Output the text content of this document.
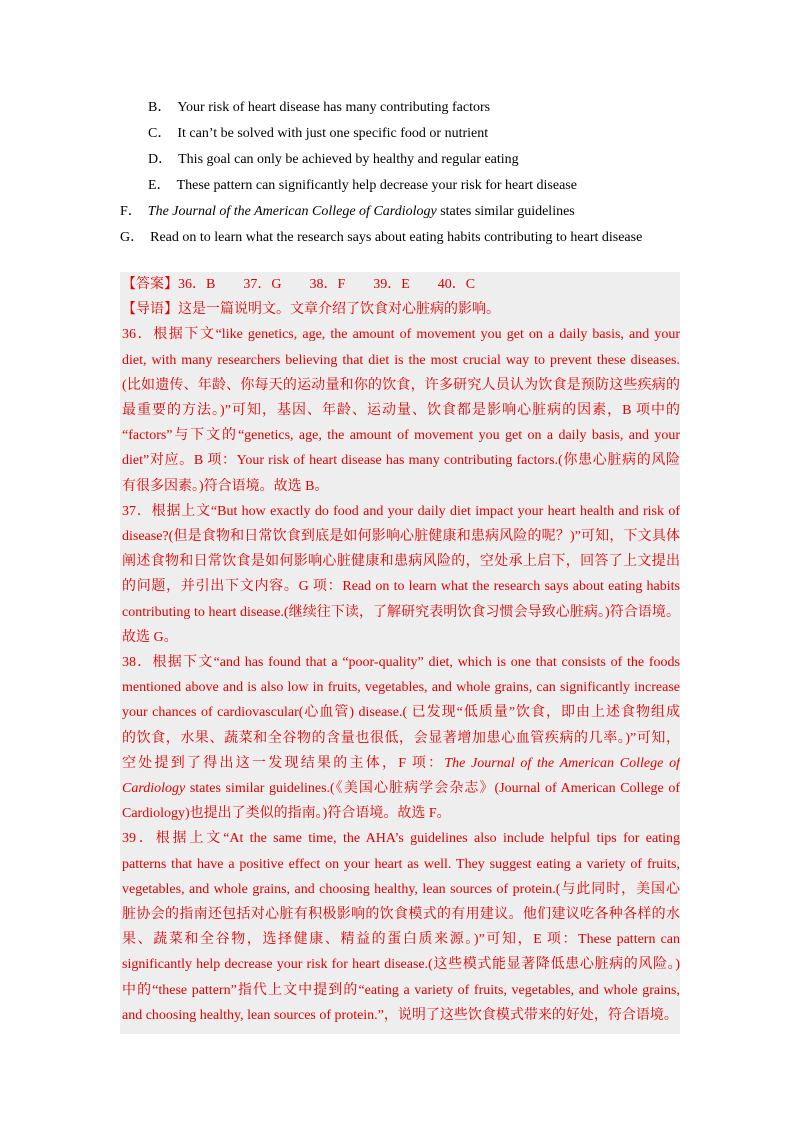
B． Your risk of heart disease has many contributing factors
C． It can’t be solved with just one specific food or nutrient
D． This goal can only be achieved by healthy and regular eating
E． These pattern can significantly help decrease your risk for heart disease
F． The Journal of the American College of Cardiology states similar guidelines
G． Read on to learn what the research says about eating habits contributing to heart disease
【答案】36．B　　37．G　　38．F　　39．E　　40．C
【导语】这是一篇说明文。文章介绍了饮食对心脏病的影响。
36．根据下文“like genetics, age, the amount of movement you get on a daily basis, and your
diet, with many researchers believing that diet is the most crucial way to prevent these diseases.
(比如遗传、年龄、你每天的运动量和你的饮食，许多研究人员认为饮食是预防这些疾病的
最重要的方法。)”可知，基因、年龄、运动量、饮食都是影响心脏病的因素，B 项中的
“factors”与下文的“genetics, age, the amount of movement you get on a daily basis, and your
diet”对应。B 项：Your risk of heart disease has many contributing factors.(你患心脏病的风险
有很多因素。)符合语境。故选 B。
37．根据上文“But how exactly do food and your daily diet impact your heart health and risk of
disease?(但是食物和日常饮食到底是如何影响心脏健康和患病风险的呢？)”可知，下文具体
阐述食物和日常饮食是如何影响心脏健康和患病风险的，空处承上启下，回答了上文提出
的问题，并引出下文内容。G 项：Read on to learn what the research says about eating habits
contributing to heart disease.(继续往下读，了解研究表明饮食习惯会导致心脏病。)符合语境。
故选 G。
38．根据下文“and has found that a “poor-quality” diet, which is one that consists of the foods
mentioned above and is also low in fruits, vegetables, and whole grains, can significantly increase
your chances of cardiovascular(心血管) disease.( 已发现“低质量”饮食，即由上述食物组成
的饮食，水果、蔬菜和全谷物的含量也很低，会显著增加患心血管疾病的几率。)”可知，
空处提到了得出这一发现结果的主体，F 项：The Journal of the American College of
Cardiology states similar guidelines.(《美国心脏病学会杂志》(Journal of American College of
Cardiology)也提出了类似的指南。)符合语境。故选 F。
39．根据上文“At the same time, the AHA’s guidelines also include helpful tips for eating
patterns that have a positive effect on your heart as well. They suggest eating a variety of fruits,
vegetables, and whole grains, and choosing healthy, lean sources of protein.(与此同时，美国心
脏协会的指南还包括对心脏有积极影响的饮食模式的有用建议。他们建议吃各种各样的水
果、蔬菜和全谷物，选择健康、精益的蛋白质来源。)”可知，E 项：These pattern can
significantly help decrease your risk for heart disease.(这些模式能显著降低患心脏病的风险。)
中的“these pattern”指代上文中提到的“eating a variety of fruits, vegetables, and whole grains,
and choosing healthy, lean sources of protein.”，说明了这些饮食模式带来的好处，符合语境。
